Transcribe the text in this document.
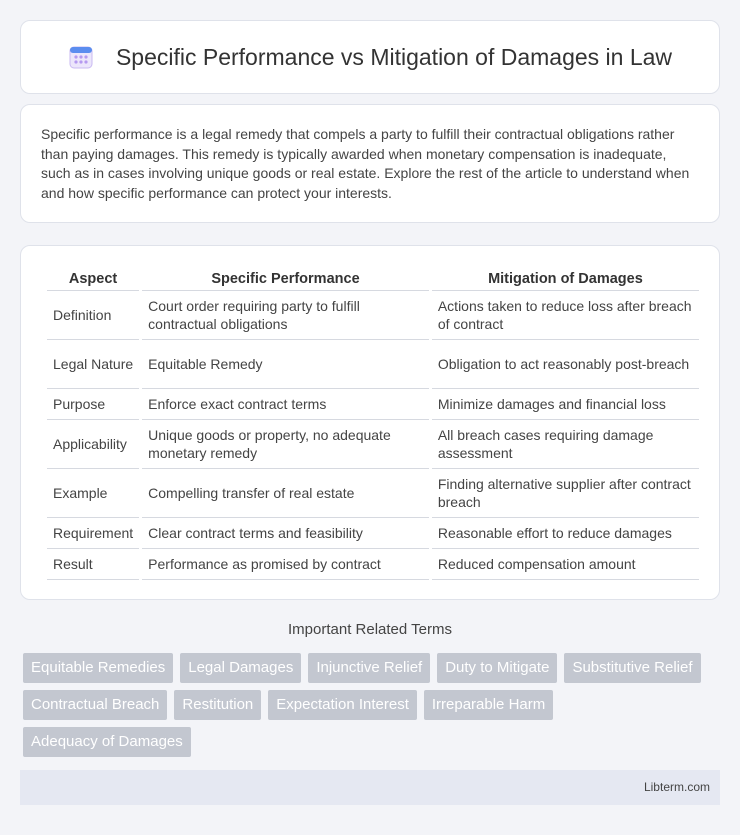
Specific Performance vs Mitigation of Damages in Law

Specific performance is a legal remedy that compels a party to fulfill their contractual obligations rather than paying damages. This remedy is typically awarded when monetary compensation is inadequate, such as in cases involving unique goods or real estate. Explore the rest of the article to understand when and how specific performance can protect your interests.

Aspect	Specific Performance	Mitigation of Damages
Definition	Court order requiring party to fulfill contractual obligations	Actions taken to reduce loss after breach of contract
Legal Nature	Equitable Remedy	Obligation to act reasonably post-breach
Purpose	Enforce exact contract terms	Minimize damages and financial loss
Applicability	Unique goods or property, no adequate monetary remedy	All breach cases requiring damage assessment
Example	Compelling transfer of real estate	Finding alternative supplier after contract breach
Requirement	Clear contract terms and feasibility	Reasonable effort to reduce damages
Result	Performance as promised by contract	Reduced compensation amount
Important Related Terms
Equitable Remedies	Legal Damages	Injunctive Relief	Duty to Mitigate	Substitutive Relief
Contractual Breach	Restitution	Expectation Interest	Irreparable Harm
Adequacy of Damages
Libterm.com
